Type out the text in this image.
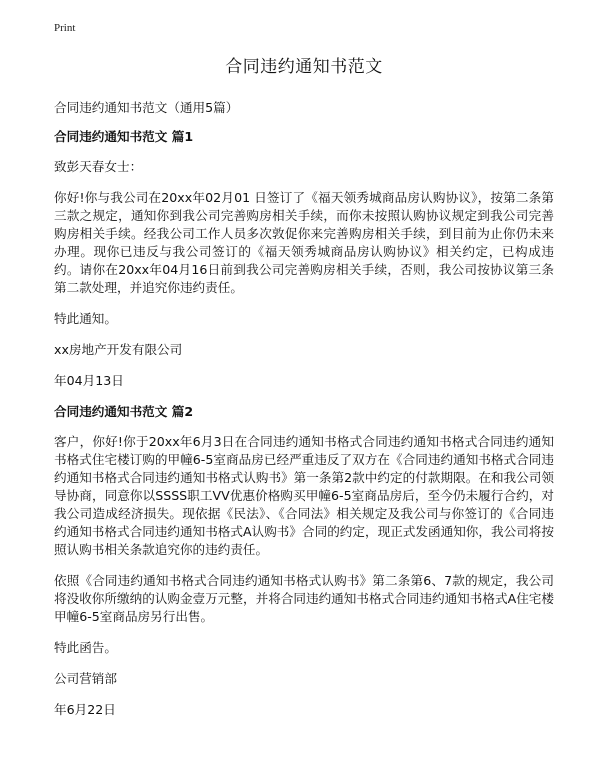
Print
合同违约通知书范文

合同违约通知书范文（通用5篇）

合同违约通知书范文 篇1

致彭天春女士：

你好!你与我公司在20xx年02月01 日签订了《福天领秀城商品房认购协议》，按第二条第三款之规定，通知你到我公司完善购房相关手续，而你未按照认购协议规定到我公司完善购房相关手续。经我公司工作人员多次敦促你来完善购房相关手续，到目前为止你仍未来办理。现你已违反与我公司签订的《福天领秀城商品房认购协议》相关约定，已构成违约。请你在20xx年04月16日前到我公司完善购房相关手续，否则，我公司按协议第三条第二款处理，并追究你违约责任。

特此通知。

xx房地产开发有限公司

年04月13日

合同违约通知书范文 篇2

客户，你好!你于20xx年6月3日在合同违约通知书格式合同违约通知书格式合同违约通知书格式住宅楼订购的甲幢6-5室商品房已经严重违反了双方在《合同违约通知书格式合同违约通知书格式合同违约通知书格式认购书》第一条第2款中约定的付款期限。在和我公司领导协商，同意你以SSSS职工VV优惠价格购买甲幢6-5室商品房后，至今仍未履行合约，对我公司造成经济损失。现依据《民法》、《合同法》相关规定及我公司与你签订的《合同违约通知书格式合同违约通知书格式A认购书》合同的约定，现正式发函通知你，我公司将按照认购书相关条款追究你的违约责任。

依照《合同违约通知书格式合同违约通知书格式认购书》第二条第6、7款的规定，我公司将没收你所缴纳的认购金壹万元整，并将合同违约通知书格式合同违约通知书格式A住宅楼甲幢6-5室商品房另行出售。

特此函告。

公司营销部

年6月22日
